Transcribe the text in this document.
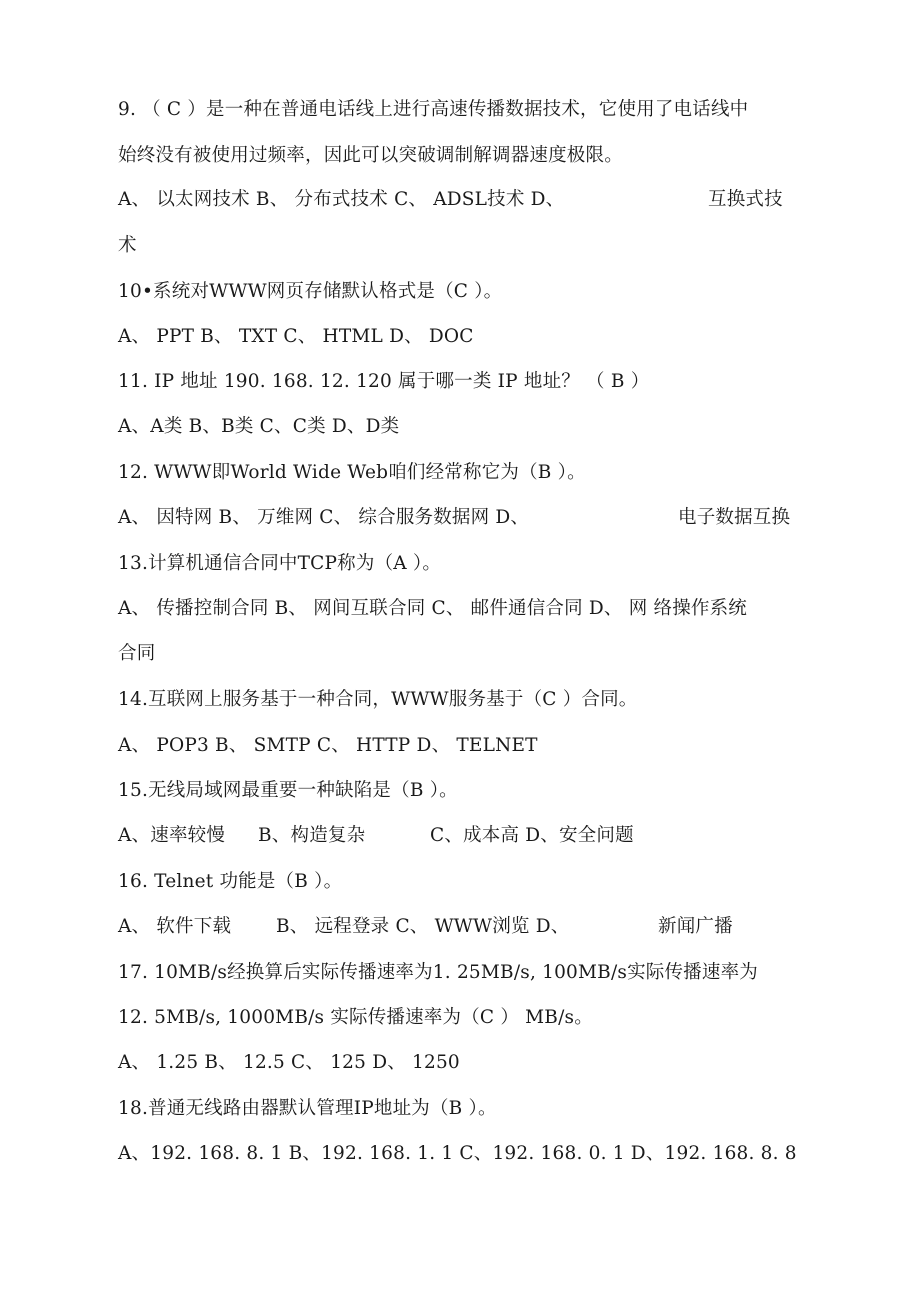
9. （ C ）是一种在普通电话线上进行高速传播数据技术，它使用了电话线中
始终没有被使用过频率，因此可以突破调制解调器速度极限。
A、 以太网技术 B、 分布式技术 C、 ADSL技术 D、	互换式技
术
10•系统对WWW网页存储默认格式是（C ）。
A、 PPT B、 TXT C、 HTML D、 DOC
11. IP 地址 190. 168. 12. 120 属于哪一类 IP 地址？ （ B ）
A、A类 B、B类 C、C类 D、D类
12. WWW即World Wide Web咱们经常称它为（B ）。
A、 因特网 B、 万维网 C、 综合服务数据网 D、	电子数据互换
13.计算机通信合同中TCP称为（A ）。
A、 传播控制合同 B、 网间互联合同 C、 邮件通信合同 D、 网 络操作系统
合同
14.互联网上服务基于一种合同，WWW服务基于（C ）合同。
A、 POP3 B、 SMTP C、 HTTP D、 TELNET
15.无线局域网最重要一种缺陷是（B ）。
A、速率较慢 B、构造复杂	C、成本高 D、安全问题
16. Telnet 功能是（B ）。
A、 软件下载 B、 远程登录 C、 WWW浏览 D、	新闻广播
17. 10MB/s经换算后实际传播速率为1. 25MB/s, 100MB/s实际传播速率为
12. 5MB/s, 1000MB/s 实际传播速率为（C ） MB/s。
A、 1.25 B、 12.5 C、 125 D、 1250
18.普通无线路由器默认管理IP地址为（B ）。
A、192. 168. 8. 1 B、192. 168. 1. 1 C、192. 168. 0. 1 D、192. 168. 8. 8
